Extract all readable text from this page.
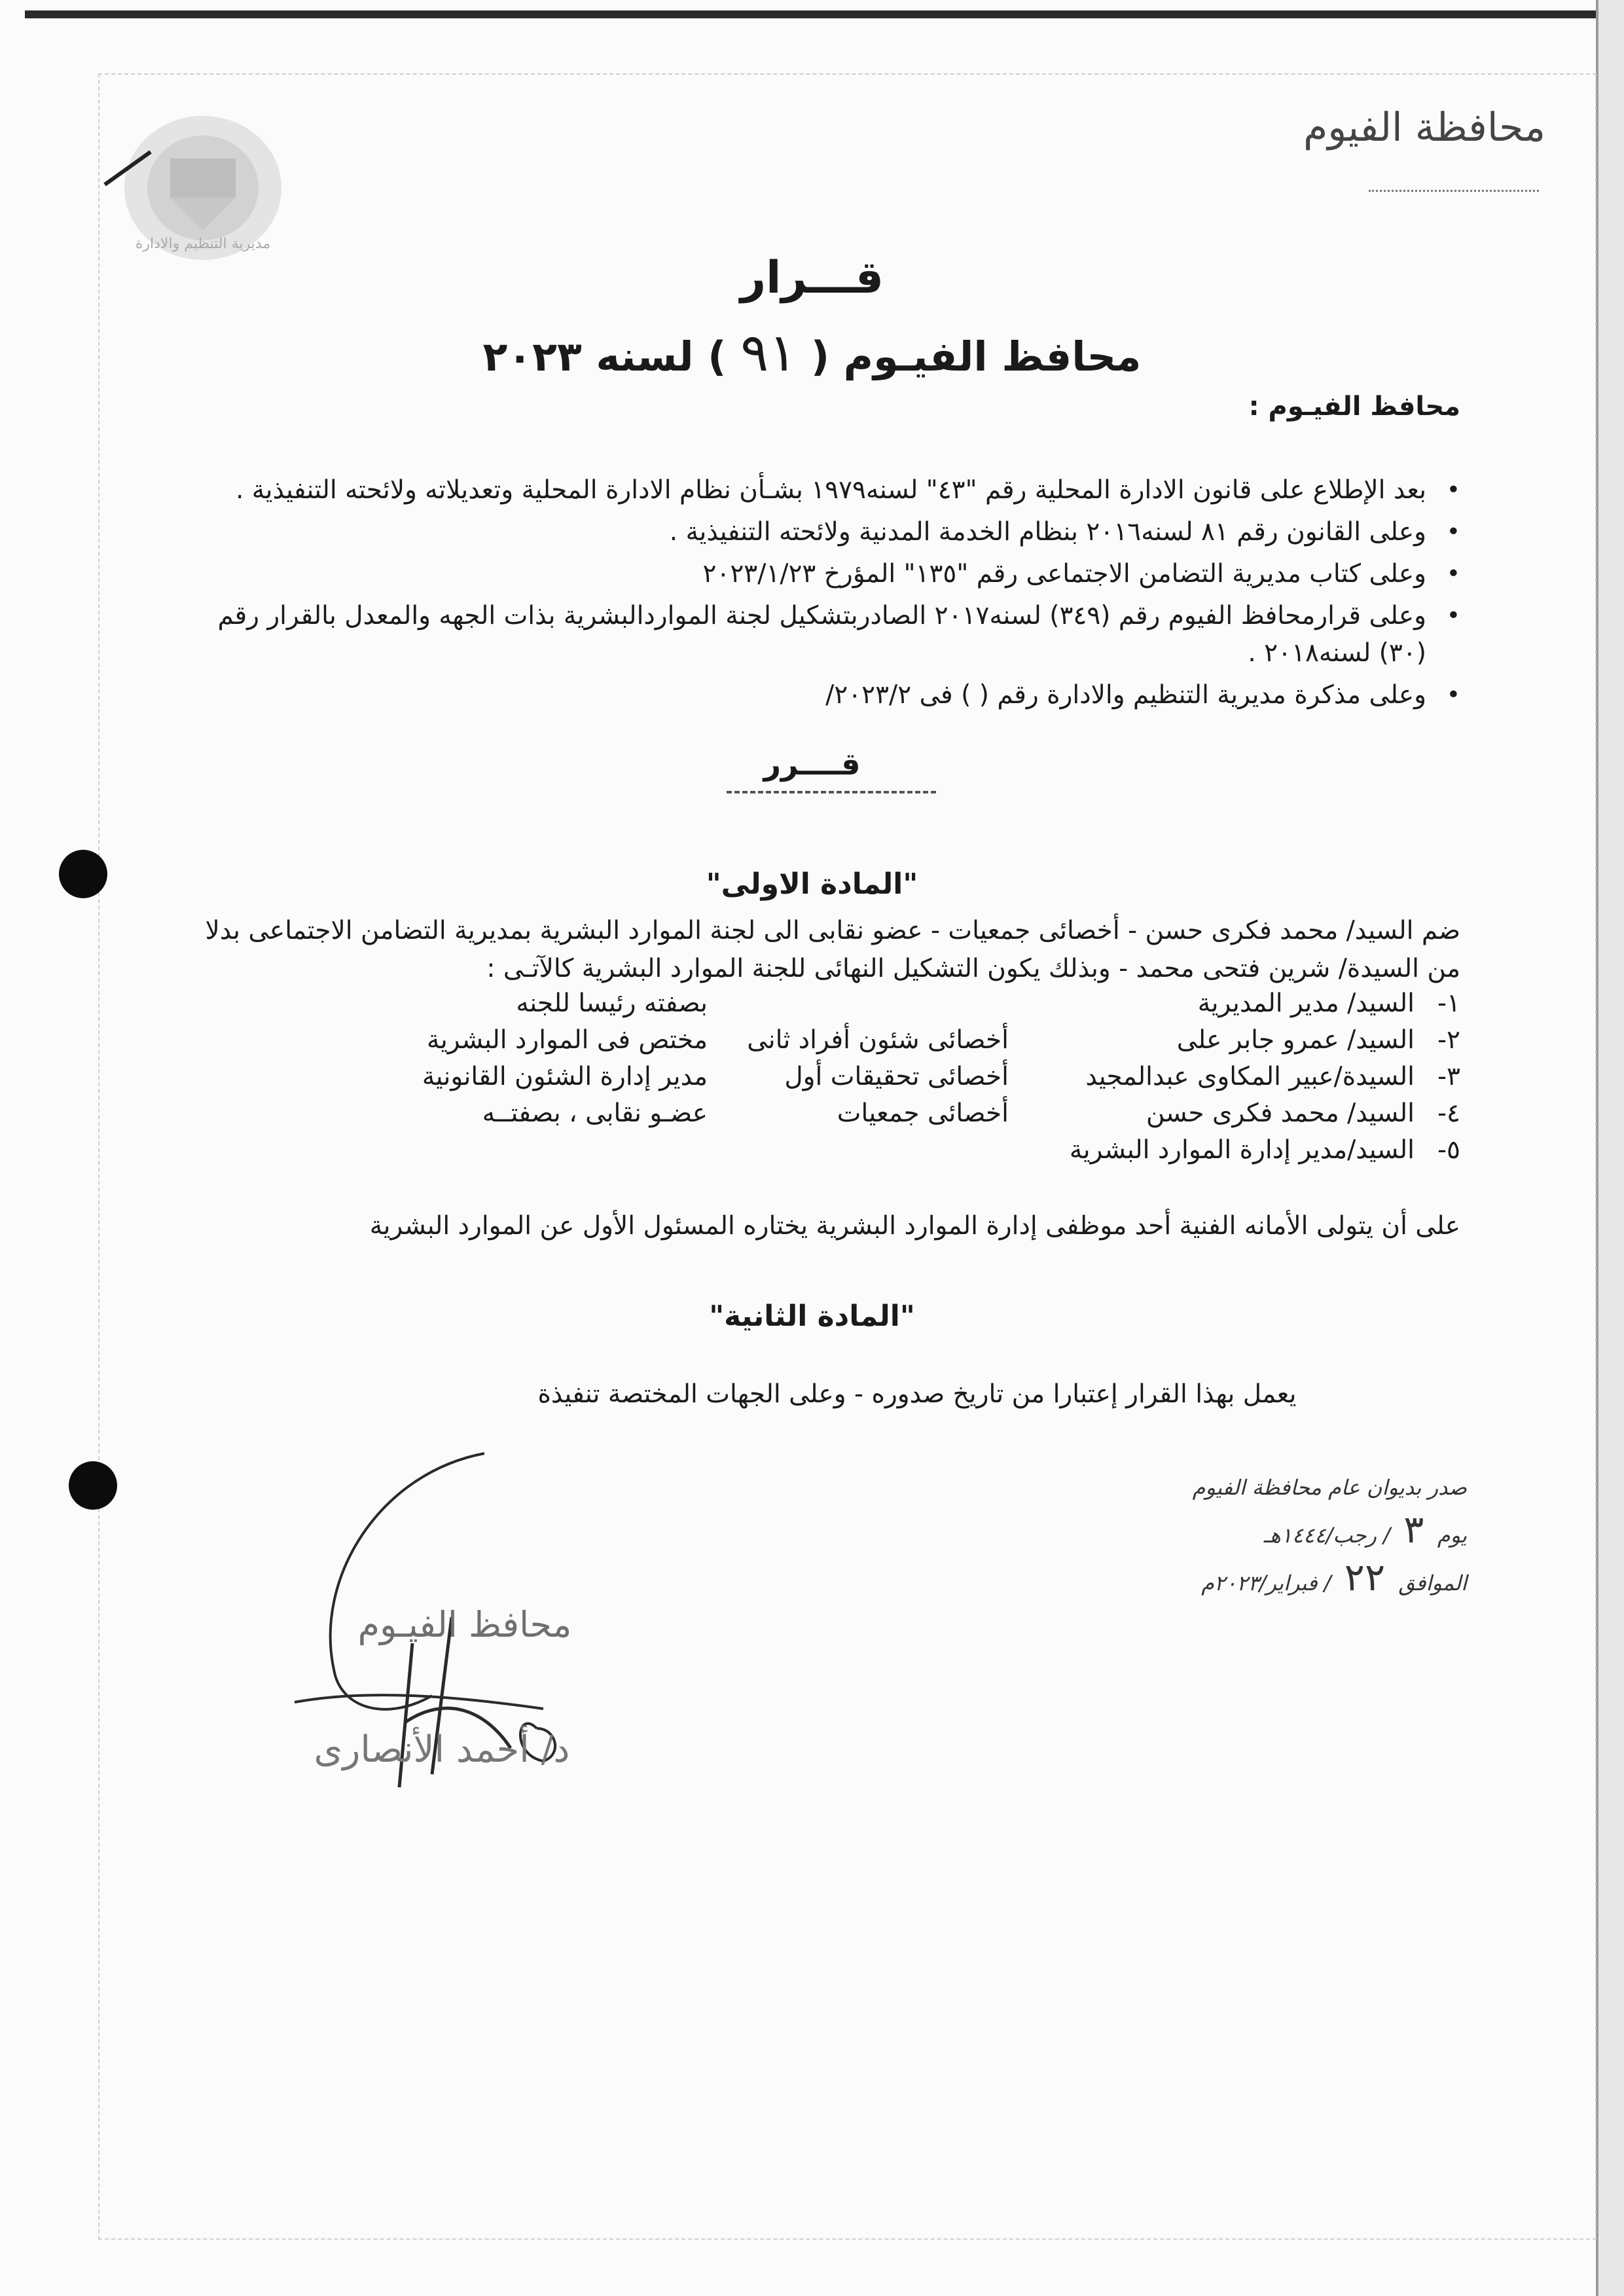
مديرية التنظيم والادارة
محافظة الفيوم
قـــرار
محافظ الفيـوم ( ٩١ ) لسنه ٢٠٢٣
محافظ الفيـوم :
• بعد الإطلاع على قانون الادارة المحلية رقم "٤٣" لسنه١٩٧٩ بشـأن نظام الادارة المحلية وتعديلاته ولائحته التنفيذية .
• وعلى القانون رقم ٨١ لسنه٢٠١٦ بنظام الخدمة المدنية ولائحته التنفيذية .
• وعلى كتاب مديرية التضامن الاجتماعى رقم "١٣٥" المؤرخ ٢٠٢٣/١/٢٣
• وعلى قرارمحافظ الفيوم رقم (٣٤٩) لسنه٢٠١٧ الصادربتشكيل لجنة المواردالبشرية بذات الجهه والمعدل بالقرار رقم (٣٠) لسنه٢٠١٨ .
• وعلى مذكرة مديرية التنظيم والادارة رقم ( ) فى ٢٠٢٣/٢/
قــــرر
"المادة الاولى"
ضم السيد/ محمد فكرى حسن - أخصائى جمعيات - عضو نقابى الى لجنة الموارد البشرية بمديرية التضامن الاجتماعى بدلا من السيدة/ شرين فتحى محمد - وبذلك يكون التشكيل النهائى للجنة الموارد البشرية كالآتـى :
١-
السيد/ مدير المديرية
بصفته رئيسا للجنه
٢-
السيد/ عمرو جابر على
أخصائى شئون أفراد ثانى
مختص فى الموارد البشرية
٣-
السيدة/عبير المكاوى عبدالمجيد
أخصائى تحقيقات أول
مدير إدارة الشئون القانونية
٤-
السيد/ محمد فكرى حسن
أخصائى جمعيات
عضـو نقابى ، بصفتــه
٥-
السيد/مدير إدارة الموارد البشرية
على أن يتولى الأمانه الفنية أحد موظفى إدارة الموارد البشرية يختاره المسئول الأول عن الموارد البشرية
"المادة الثانية"
يعمل بهذا القرار إعتبارا من تاريخ صدوره - وعلى الجهات المختصة تنفيذة
صدر بديوان عام محافظة الفيوم
يوم  ٣  / رجب/١٤٤٤هـ
الموافق  ٢٢  / فبراير/٢٠٢٣م
محافظ الفيـوم
د/ أحمد الأنصارى
